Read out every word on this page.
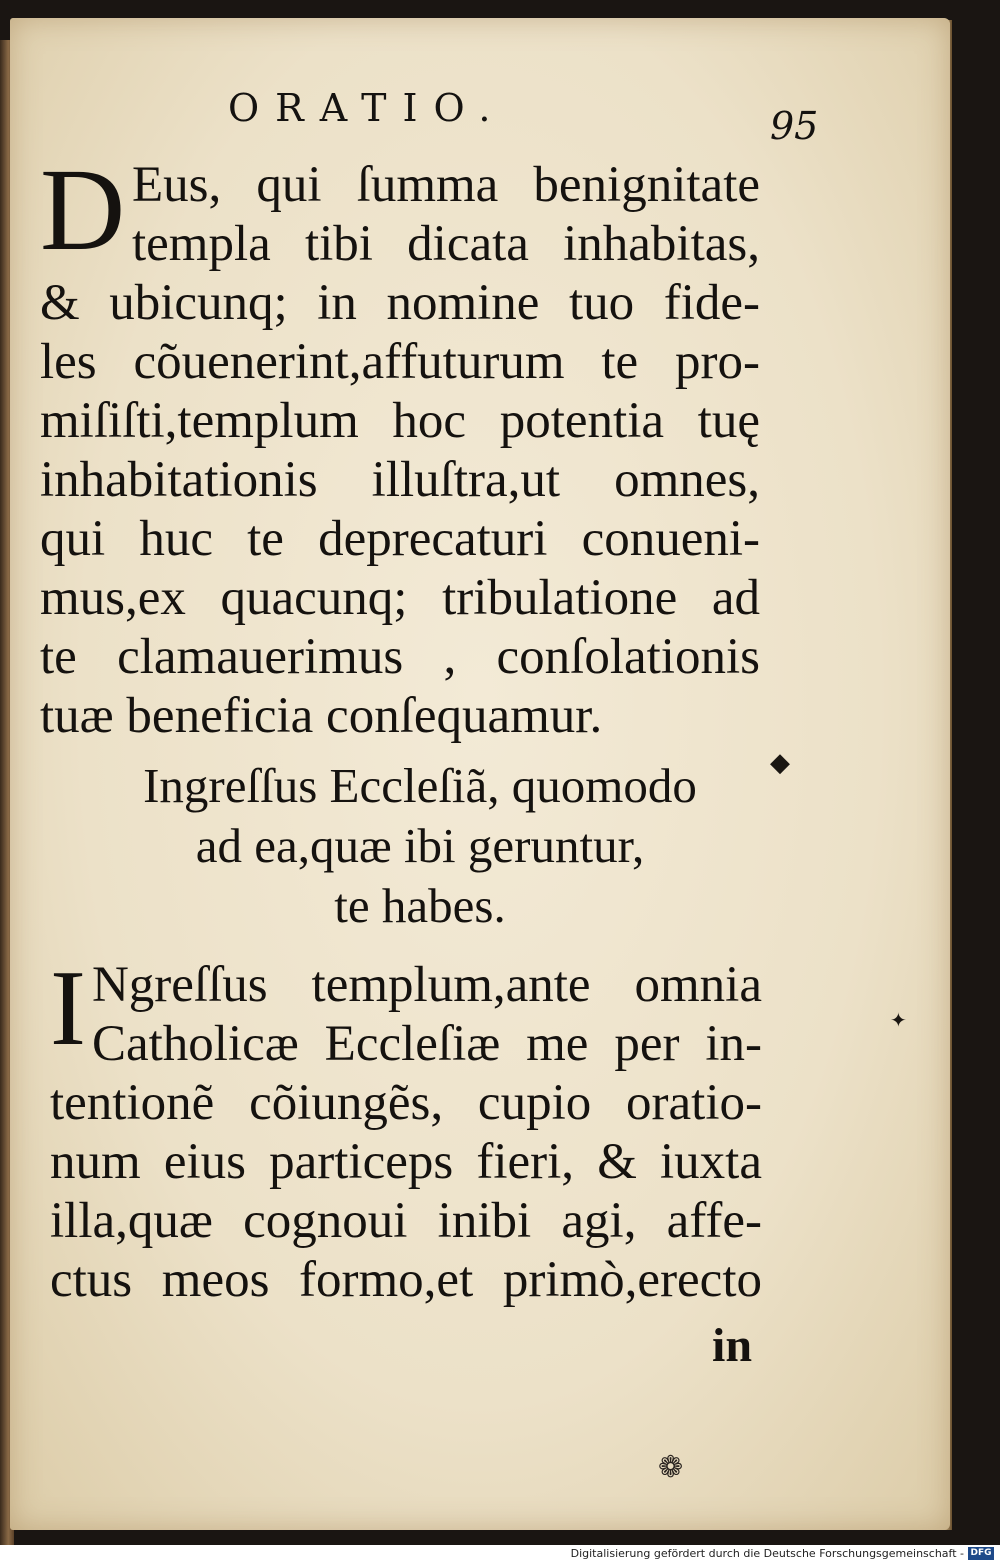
ORATIO.	95
D Eus, qui ſumma benignitate
templa tibi dicata inhabitas,
& ubicunq; in nomine tuo fide-
les cõuenerint,affuturum te pro-
miſiſti,templum hoc potentia tuę
inhabitationis illuſtra,ut omnes,
qui huc te deprecaturi conueni-
mus,ex quacunq; tribulatione ad
te clamauerimus , conſolationis
tuæ beneficia conſequamur.
Ingreſſus Eccleſiã, quomodo
ad ea,quæ ibi geruntur,
te habes.
I Ngreſſus templum,ante omnia
Catholicæ Eccleſiæ me per in-
tentionẽ cõiungẽs, cupio oratio-
num eius particeps fieri, & iuxta
illa,quæ cognoui inibi agi, affe-
ctus meos formo,et primò,erecto
in
❁
◆
✦
Digitalisierung gefördert durch die Deutsche Forschungsgemeinschaft - DFG
